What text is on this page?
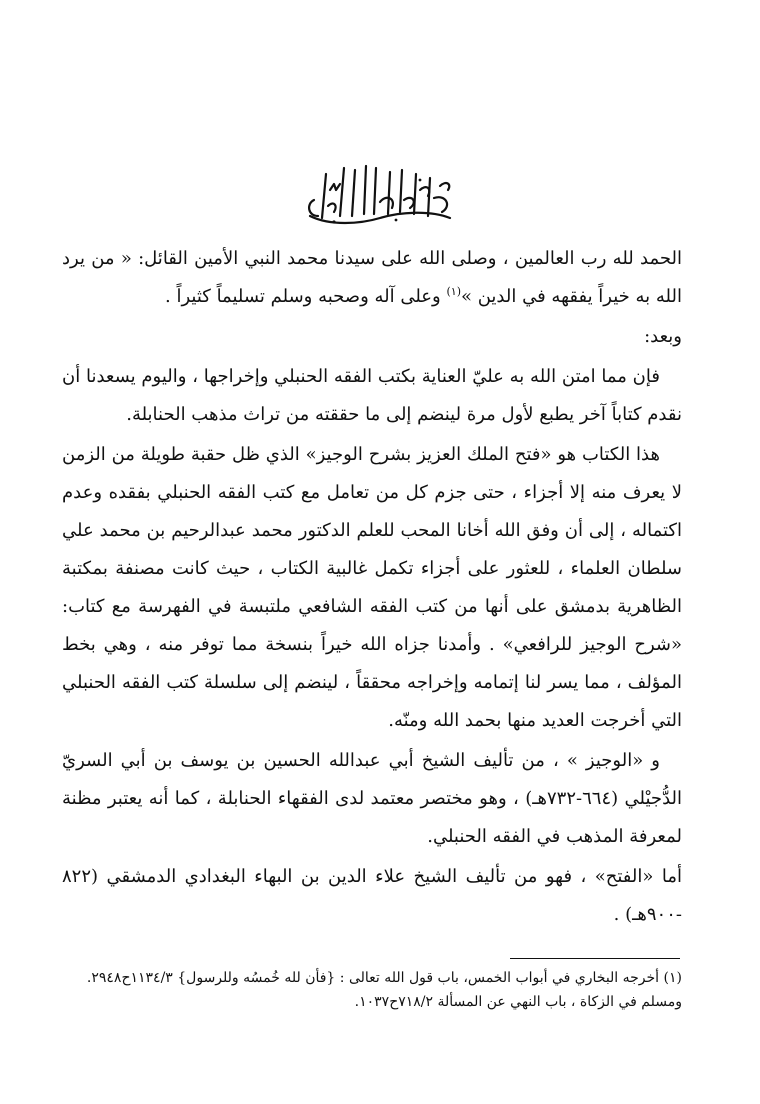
الحمد لله رب العالمين ، وصلى الله على سيدنا محمد النبي الأمين القائل: « من يرد الله به خيراً يفقهه في الدين »$^{(١)}$ وعلى آله وصحبه وسلم تسليماً كثيراً .

وبعد:

فإن مما امتن الله به عليّ العناية بكتب الفقه الحنبلي وإخراجها ، واليوم يسعدنا أن نقدم كتاباً آخر يطبع لأول مرة لينضم إلى ما حققته من تراث مذهب الحنابلة.

هذا الكتاب هو «فتح الملك العزيز بشرح الوجيز» الذي ظل حقبة طويلة من الزمن لا يعرف منه إلا أجزاء ، حتى جزم كل من تعامل مع كتب الفقه الحنبلي بفقده وعدم اكتماله ، إلى أن وفق الله أخانا المحب للعلم الدكتور محمد عبدالرحيم بن محمد علي سلطان العلماء ، للعثور على أجزاء تكمل غالبية الكتاب ، حيث كانت مصنفة بمكتبة الظاهرية بدمشق على أنها من كتب الفقه الشافعي ملتبسة في الفهرسة مع كتاب: «شرح الوجيز للرافعي» . وأمدنا جزاه الله خيراً بنسخة مما توفر منه ، وهي بخط المؤلف ، مما يسر لنا إتمامه وإخراجه محققاً ، لينضم إلى سلسلة كتب الفقه الحنبلي التي أخرجت العديد منها بحمد الله ومنّه.

و «الوجيز » ، من تأليف الشيخ أبي عبدالله الحسين بن يوسف بن أبي السريّ الدُّجيْلي (٦٦٤-٧٣٢هـ) ، وهو مختصر معتمد لدى الفقهاء الحنابلة ، كما أنه يعتبر مظنة لمعرفة المذهب في الفقه الحنبلي.

أما «الفتح» ، فهو من تأليف الشيخ علاء الدين بن البهاء البغدادي الدمشقي (٨٢٢ -٩٠٠هـ) .

(١) أخرجه البخاري في أبواب الخمس، باب قول الله تعالى : {فأن لله خُمسُه وللرسول} ١١٣٤/٣ح٢٩٤٨.

ومسلم في الزكاة ، باب النهي عن المسألة ٧١٨/٢ح١٠٣٧.
